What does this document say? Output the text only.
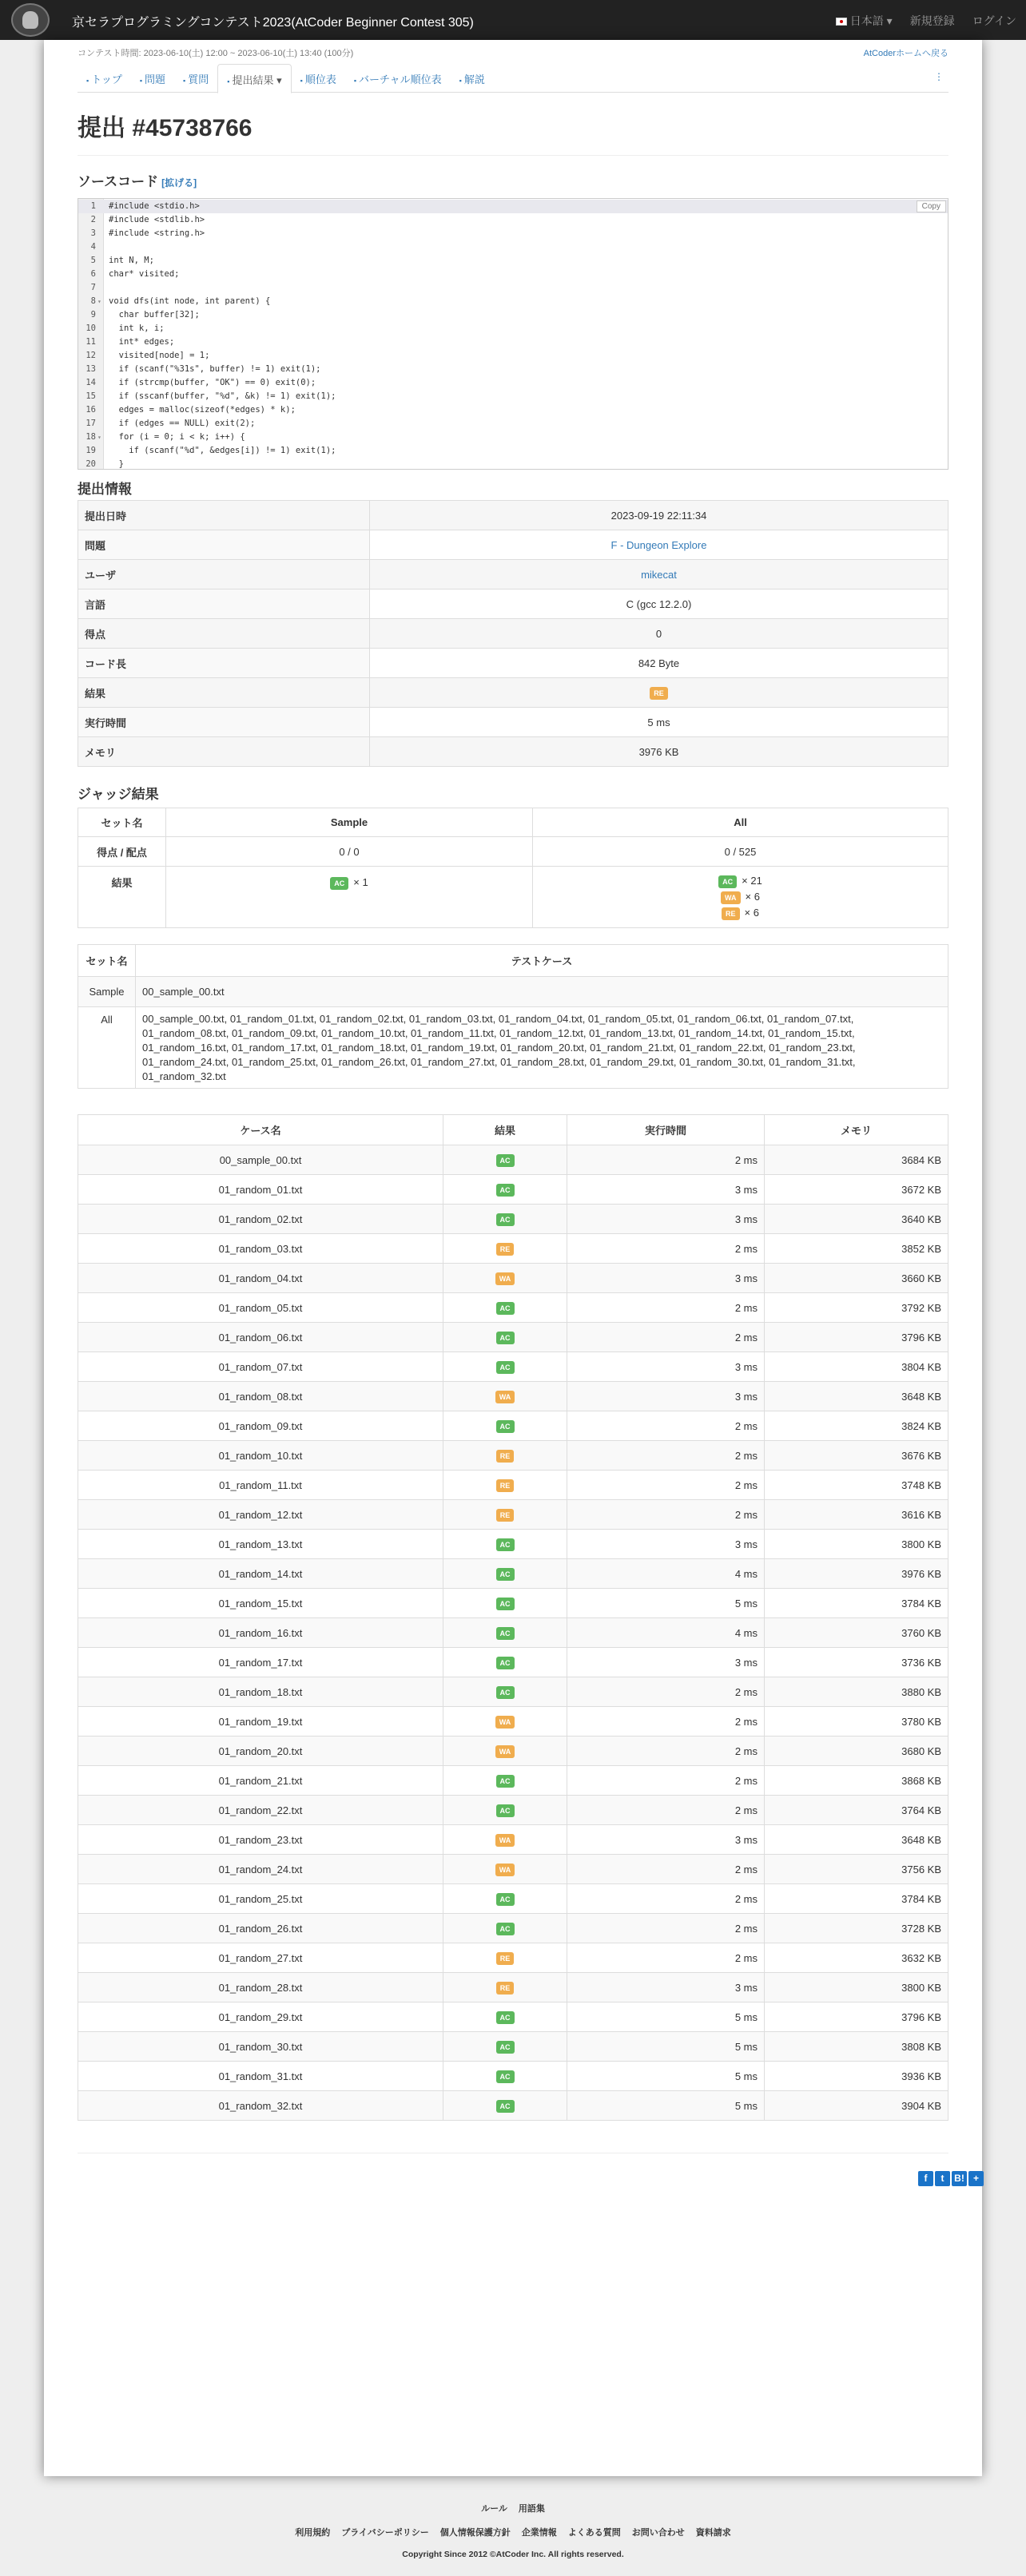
京セラプログラミングコンテスト2023(AtCoder Beginner Contest 305)	日本語 ▾ 新規登録 ログイン
コンテスト時間: 2023-06-10(土) 12:00 ~ 2023-06-10(土) 13:40 (100分)	AtCoderホームへ戻る
▪ トップ	▪ 問題	▪ 質問	▪ 提出結果 ▾	▪ 順位表	▪ バーチャル順位表	▪ 解説	⋮
提出 #45738766
ソースコード [拡げる]
1 #include <stdio.h>
2 #include <stdlib.h>
3 #include <string.h>
4
5 int N, M;
6 char* visited;
7
8 ▾ void dfs(int node, int parent) {
9 char buffer[32];
10 int k, i;
11 int* edges;
12 visited[node] = 1;
13 if (scanf("%31s", buffer) != 1) exit(1);
14 if (strcmp(buffer, "OK") == 0) exit(0);
15 if (sscanf(buffer, "%d", &k) != 1) exit(1);
16 edges = malloc(sizeof(*edges) * k);
17 if (edges == NULL) exit(2);
18 ▾ for (i = 0; i < k; i++) {
19 if (scanf("%d", &edges[i]) != 1) exit(1);
20 }
Copy
提出情報
提出日時	2023-09-19 22:11:34
問題	F - Dungeon Explore
ユーザ	mikecat
言語	C (gcc 12.2.0)
得点	0
コード長	842 Byte
結果	RE
実行時間	5 ms
メモリ	3976 KB
ジャッジ結果
セット名	Sample	All
得点 / 配点	0 / 0	0 / 525
結果	AC × 1	AC × 21
WA × 6
RE × 6
セット名	テストケース
Sample	00_sample_00.txt
All	00_sample_00.txt, 01_random_01.txt, 01_random_02.txt, 01_random_03.txt, 01_random_04.txt, 01_random_05.txt, 01_random_06.txt, 01_random_07.txt, 01_random_08.txt, 01_random_09.txt, 01_random_10.txt, 01_random_11.txt, 01_random_12.txt, 01_random_13.txt, 01_random_14.txt, 01_random_15.txt, 01_random_16.txt, 01_random_17.txt, 01_random_18.txt, 01_random_19.txt, 01_random_20.txt, 01_random_21.txt, 01_random_22.txt, 01_random_23.txt, 01_random_24.txt, 01_random_25.txt, 01_random_26.txt, 01_random_27.txt, 01_random_28.txt, 01_random_29.txt, 01_random_30.txt, 01_random_31.txt, 01_random_32.txt
ケース名	結果	実行時間	メモリ
00_sample_00.txt	AC	2 ms	3684 KB
01_random_01.txt	AC	3 ms	3672 KB
01_random_02.txt	AC	3 ms	3640 KB
01_random_03.txt	RE	2 ms	3852 KB
01_random_04.txt	WA	3 ms	3660 KB
01_random_05.txt	AC	2 ms	3792 KB
01_random_06.txt	AC	2 ms	3796 KB
01_random_07.txt	AC	3 ms	3804 KB
01_random_08.txt	WA	3 ms	3648 KB
01_random_09.txt	AC	2 ms	3824 KB
01_random_10.txt	RE	2 ms	3676 KB
01_random_11.txt	RE	2 ms	3748 KB
01_random_12.txt	RE	2 ms	3616 KB
01_random_13.txt	AC	3 ms	3800 KB
01_random_14.txt	AC	4 ms	3976 KB
01_random_15.txt	AC	5 ms	3784 KB
01_random_16.txt	AC	4 ms	3760 KB
01_random_17.txt	AC	3 ms	3736 KB
01_random_18.txt	AC	2 ms	3880 KB
01_random_19.txt	WA	2 ms	3780 KB
01_random_20.txt	WA	2 ms	3680 KB
01_random_21.txt	AC	2 ms	3868 KB
01_random_22.txt	AC	2 ms	3764 KB
01_random_23.txt	WA	3 ms	3648 KB
01_random_24.txt	WA	2 ms	3756 KB
01_random_25.txt	AC	2 ms	3784 KB
01_random_26.txt	AC	2 ms	3728 KB
01_random_27.txt	RE	2 ms	3632 KB
01_random_28.txt	RE	3 ms	3800 KB
01_random_29.txt	AC	5 ms	3796 KB
01_random_30.txt	AC	5 ms	3808 KB
01_random_31.txt	AC	5 ms	3936 KB
01_random_32.txt	AC	5 ms	3904 KB
f	t	B! +
ルール 用語集
利用規約 プライバシーポリシー 個人情報保護方針 企業情報 よくある質問 お問い合わせ 資料請求
Copyright Since 2012 ©AtCoder Inc. All rights reserved.
